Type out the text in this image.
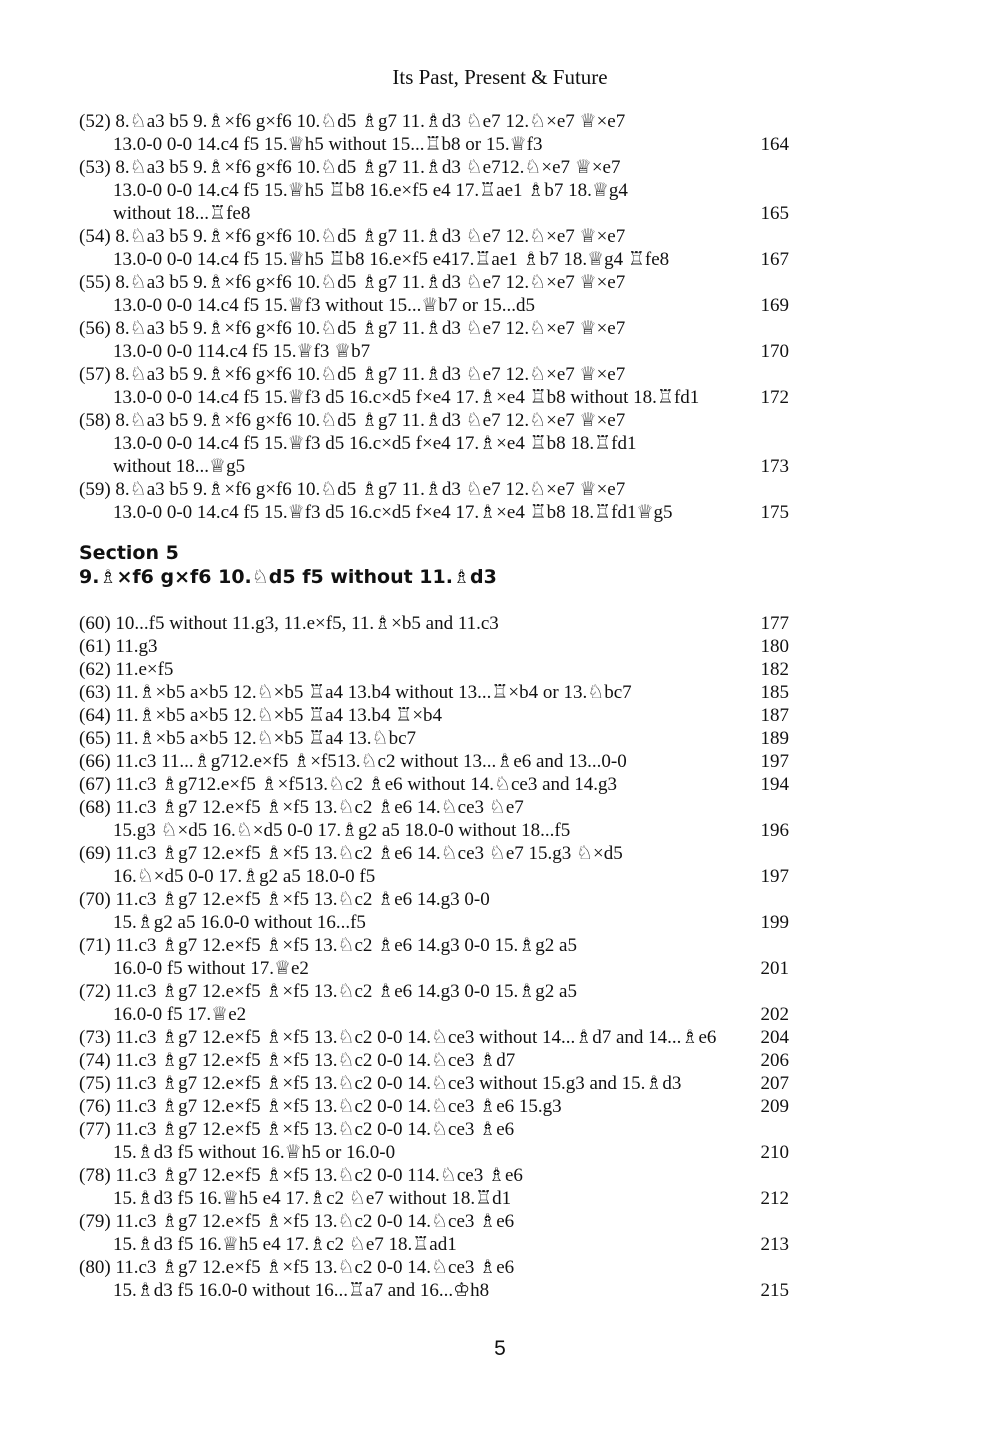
Its Past, Present & Future
(52) 8.♘a3 b5 9.♗×f6 g×f6 10.♘d5 ♗g7 11.♗d3 ♘e7 12.♘×e7 ♕×e7
13.0-0 0-0 14.c4 f5 15.♕h5 without 15...♖b8 or 15.♕f3	164
(53) 8.♘a3 b5 9.♗×f6 g×f6 10.♘d5 ♗g7 11.♗d3 ♘e712.♘×e7 ♕×e7
13.0-0 0-0 14.c4 f5 15.♕h5 ♖b8 16.e×f5 e4 17.♖ae1 ♗b7 18.♕g4
without 18...♖fe8	165
(54) 8.♘a3 b5 9.♗×f6 g×f6 10.♘d5 ♗g7 11.♗d3 ♘e7 12.♘×e7 ♕×e7
13.0-0 0-0 14.c4 f5 15.♕h5 ♖b8 16.e×f5 e417.♖ae1 ♗b7 18.♕g4 ♖fe8	167
(55) 8.♘a3 b5 9.♗×f6 g×f6 10.♘d5 ♗g7 11.♗d3 ♘e7 12.♘×e7 ♕×e7
13.0-0 0-0 14.c4 f5 15.♕f3 without 15...♕b7 or 15...d5	169
(56) 8.♘a3 b5 9.♗×f6 g×f6 10.♘d5 ♗g7 11.♗d3 ♘e7 12.♘×e7 ♕×e7
13.0-0 0-0 114.c4 f5 15.♕f3 ♕b7	170
(57) 8.♘a3 b5 9.♗×f6 g×f6 10.♘d5 ♗g7 11.♗d3 ♘e7 12.♘×e7 ♕×e7
13.0-0 0-0 14.c4 f5 15.♕f3 d5 16.c×d5 f×e4 17.♗×e4 ♖b8 without 18.♖fd1	172
(58) 8.♘a3 b5 9.♗×f6 g×f6 10.♘d5 ♗g7 11.♗d3 ♘e7 12.♘×e7 ♕×e7
13.0-0 0-0 14.c4 f5 15.♕f3 d5 16.c×d5 f×e4 17.♗×e4 ♖b8 18.♖fd1
without 18...♕g5	173
(59) 8.♘a3 b5 9.♗×f6 g×f6 10.♘d5 ♗g7 11.♗d3 ♘e7 12.♘×e7 ♕×e7
13.0-0 0-0 14.c4 f5 15.♕f3 d5 16.c×d5 f×e4 17.♗×e4 ♖b8 18.♖fd1♕g5	175
Section 5
9.♗×f6 g×f6 10.♘d5 f5 without 11.♗d3
(60) 10...f5 without 11.g3, 11.e×f5, 11.♗×b5 and 11.c3	177
(61) 11.g3	180
(62) 11.e×f5	182
(63) 11.♗×b5 a×b5 12.♘×b5 ♖a4 13.b4 without 13...♖×b4 or 13.♘bc7	185
(64) 11.♗×b5 a×b5 12.♘×b5 ♖a4 13.b4 ♖×b4	187
(65) 11.♗×b5 a×b5 12.♘×b5 ♖a4 13.♘bc7	189
(66) 11.c3 11...♗g712.e×f5 ♗×f513.♘c2 without 13...♗e6 and 13...0-0	197
(67) 11.c3 ♗g712.e×f5 ♗×f513.♘c2 ♗e6 without 14.♘ce3 and 14.g3	194
(68) 11.c3 ♗g7 12.e×f5 ♗×f5 13.♘c2 ♗e6 14.♘ce3 ♘e7
15.g3 ♘×d5 16.♘×d5 0-0 17.♗g2 a5 18.0-0 without 18...f5	196
(69) 11.c3 ♗g7 12.e×f5 ♗×f5 13.♘c2 ♗e6 14.♘ce3 ♘e7 15.g3 ♘×d5
16.♘×d5 0-0 17.♗g2 a5 18.0-0 f5	197
(70) 11.c3 ♗g7 12.e×f5 ♗×f5 13.♘c2 ♗e6 14.g3 0-0
15.♗g2 a5 16.0-0 without 16...f5	199
(71) 11.c3 ♗g7 12.e×f5 ♗×f5 13.♘c2 ♗e6 14.g3 0-0 15.♗g2 a5
16.0-0 f5 without 17.♕e2	201
(72) 11.c3 ♗g7 12.e×f5 ♗×f5 13.♘c2 ♗e6 14.g3 0-0 15.♗g2 a5
16.0-0 f5 17.♕e2	202
(73) 11.c3 ♗g7 12.e×f5 ♗×f5 13.♘c2 0-0 14.♘ce3 without 14...♗d7 and 14...♗e6	204
(74) 11.c3 ♗g7 12.e×f5 ♗×f5 13.♘c2 0-0 14.♘ce3 ♗d7	206
(75) 11.c3 ♗g7 12.e×f5 ♗×f5 13.♘c2 0-0 14.♘ce3 without 15.g3 and 15.♗d3	207
(76) 11.c3 ♗g7 12.e×f5 ♗×f5 13.♘c2 0-0 14.♘ce3 ♗e6 15.g3	209
(77) 11.c3 ♗g7 12.e×f5 ♗×f5 13.♘c2 0-0 14.♘ce3 ♗e6
15.♗d3 f5 without 16.♕h5 or 16.0-0	210
(78) 11.c3 ♗g7 12.e×f5 ♗×f5 13.♘c2 0-0 114.♘ce3 ♗e6
15.♗d3 f5 16.♕h5 e4 17.♗c2 ♘e7 without 18.♖d1	212
(79) 11.c3 ♗g7 12.e×f5 ♗×f5 13.♘c2 0-0 14.♘ce3 ♗e6
15.♗d3 f5 16.♕h5 e4 17.♗c2 ♘e7 18.♖ad1	213
(80) 11.c3 ♗g7 12.e×f5 ♗×f5 13.♘c2 0-0 14.♘ce3 ♗e6
15.♗d3 f5 16.0-0 without 16...♖a7 and 16...♔h8	215
5
